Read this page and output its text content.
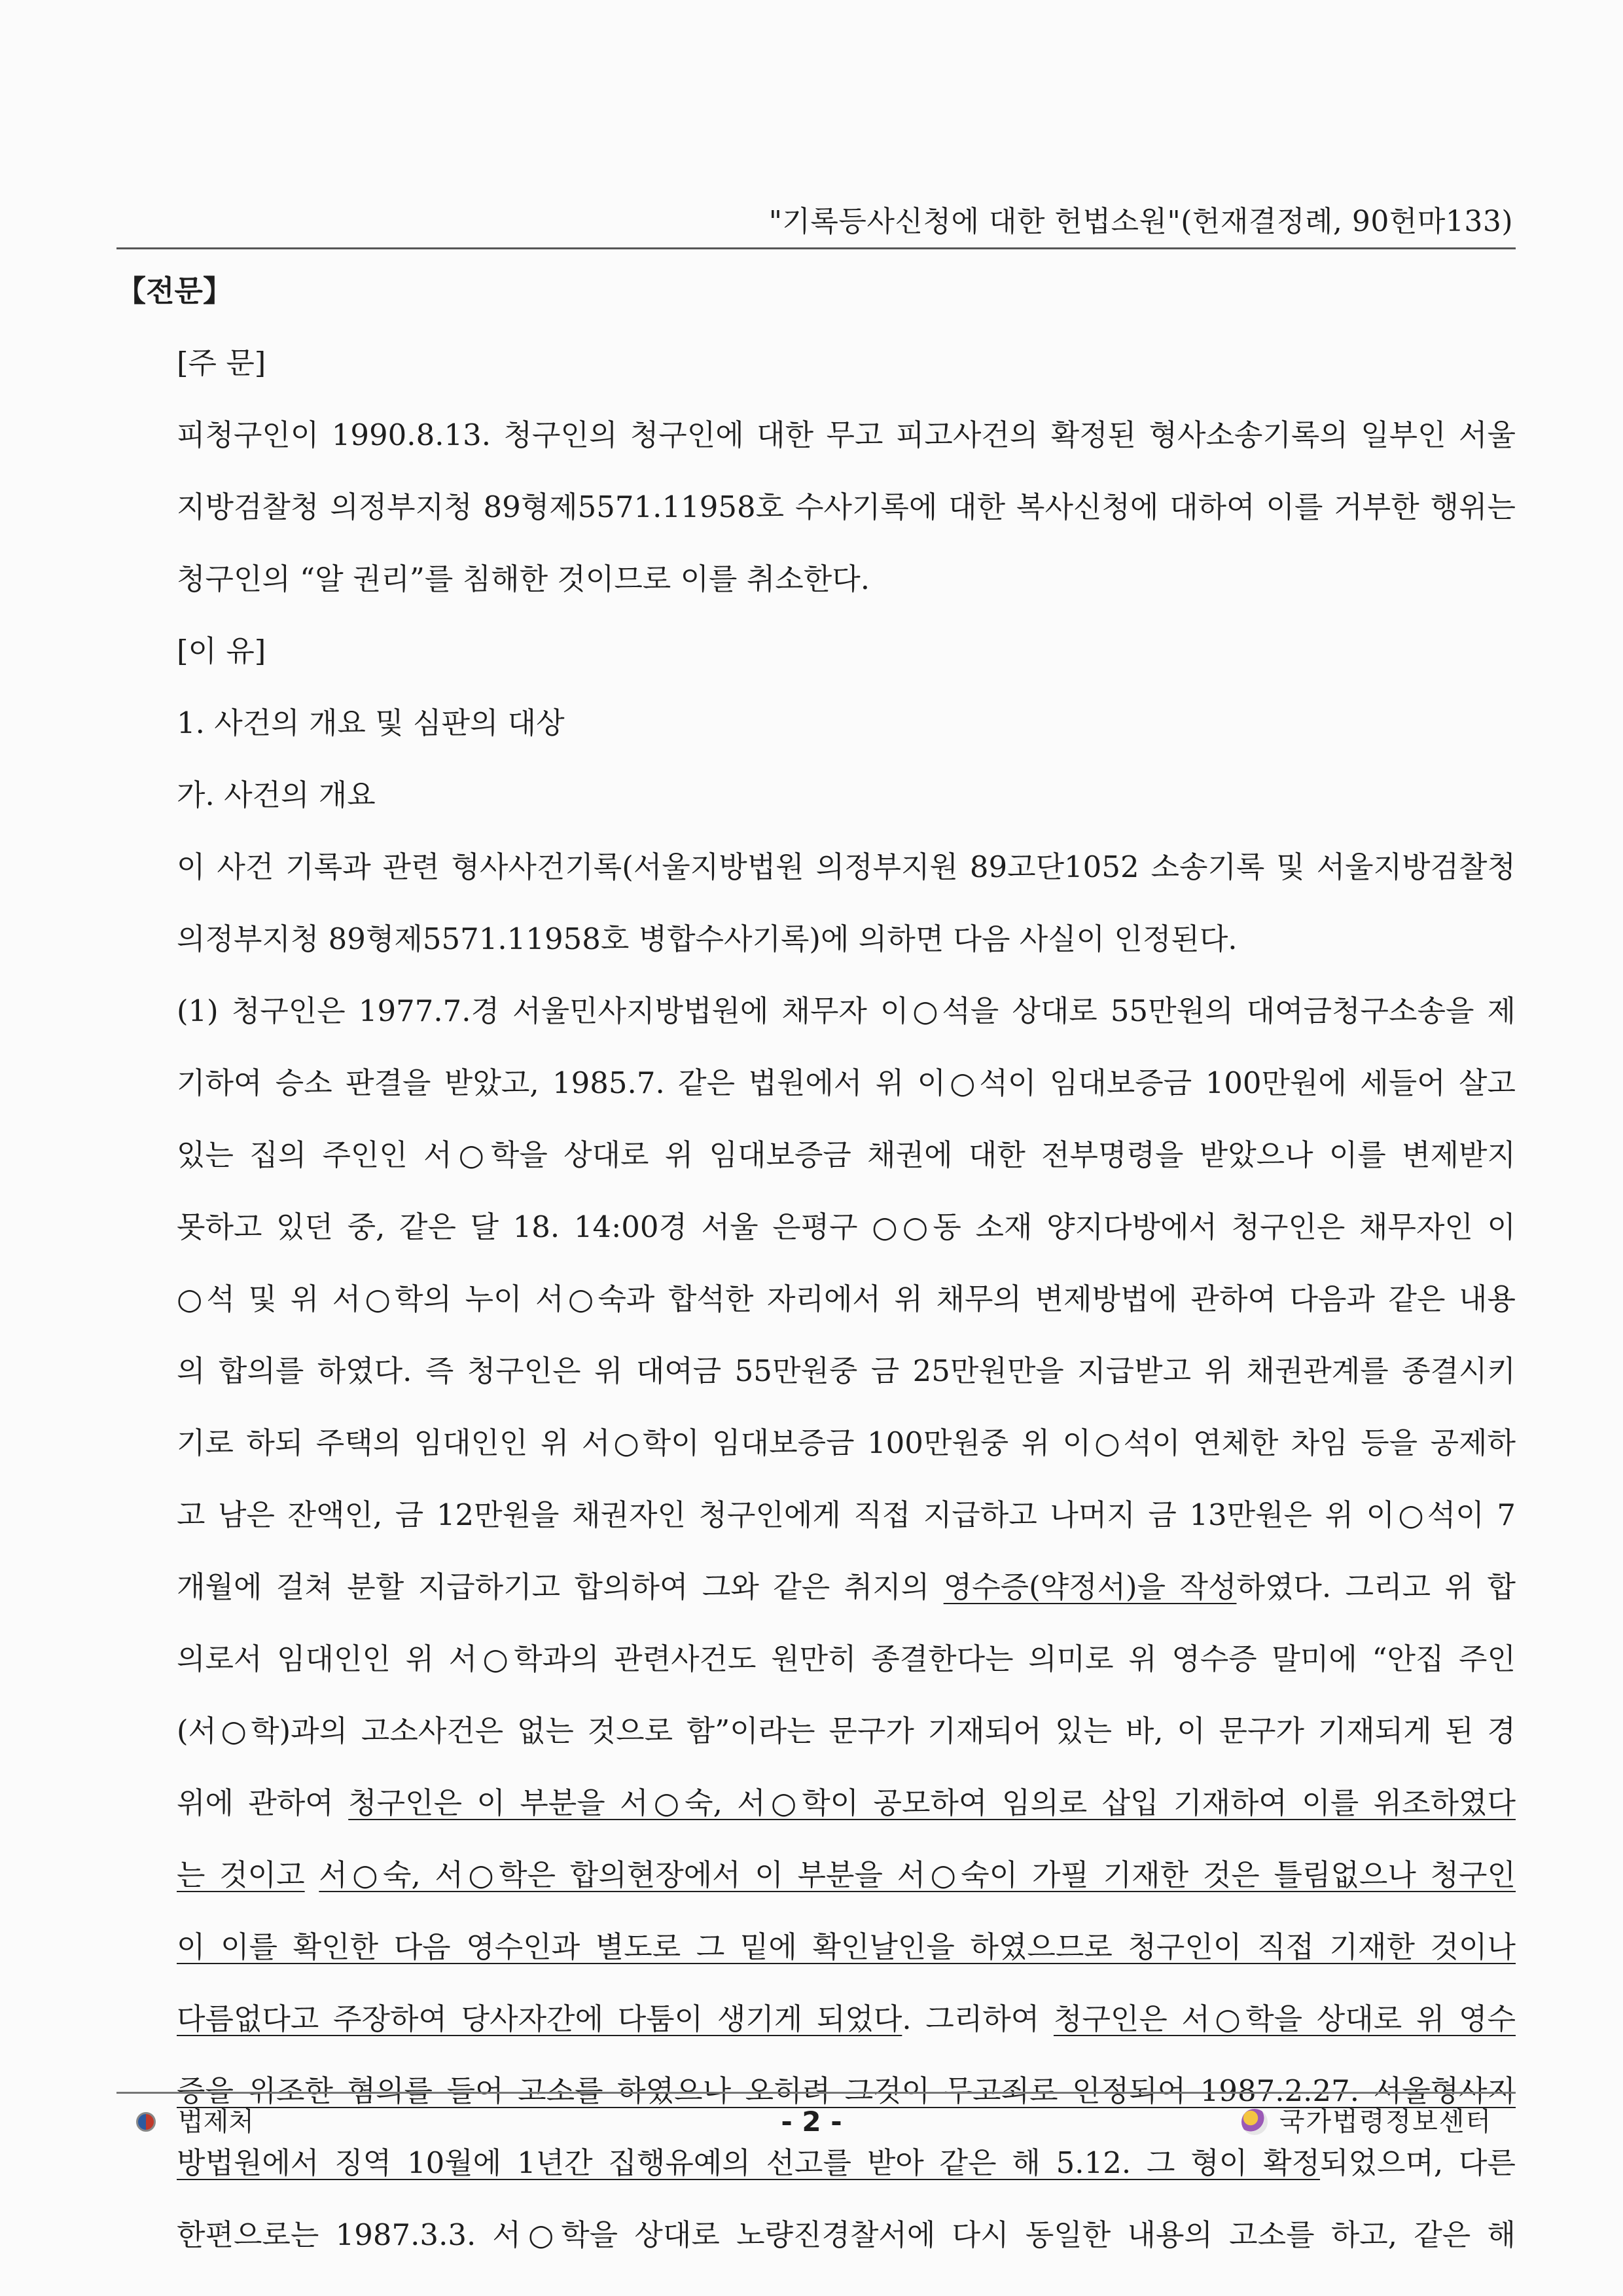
"기록등사신청에 대한 헌법소원"(헌재결정례, 90헌마133)
【전문】
[주 문]
피청구인이 1990.8.13. 청구인의 청구인에 대한 무고 피고사건의 확정된 형사소송기록의 일부인 서울
지방검찰청 의정부지청 89형제5571.11958호 수사기록에 대한 복사신청에 대하여 이를 거부한 행위는
청구인의 “알 권리”를 침해한 것이므로 이를 취소한다.
[이 유]
1. 사건의 개요 및 심판의 대상
가. 사건의 개요
이 사건 기록과 관련 형사사건기록(서울지방법원 의정부지원 89고단1052 소송기록 및 서울지방검찰청
의정부지청 89형제5571.11958호 병합수사기록)에 의하면 다음 사실이 인정된다.
(1) 청구인은 1977.7.경 서울민사지방법원에 채무자 이○석을 상대로 55만원의 대여금청구소송을 제
기하여 승소 판결을 받았고, 1985.7. 같은 법원에서 위 이○석이 임대보증금 100만원에 세들어 살고
있는 집의 주인인 서○학을 상대로 위 임대보증금 채권에 대한 전부명령을 받았으나 이를 변제받지
못하고 있던 중, 같은 달 18. 14:00경 서울 은평구 ○○동 소재 양지다방에서 청구인은 채무자인 이
○석 및 위 서○학의 누이 서○숙과 합석한 자리에서 위 채무의 변제방법에 관하여 다음과 같은 내용
의 합의를 하였다. 즉 청구인은 위 대여금 55만원중 금 25만원만을 지급받고 위 채권관계를 종결시키
기로 하되 주택의 임대인인 위 서○학이 임대보증금 100만원중 위 이○석이 연체한 차임 등을 공제하
고 남은 잔액인, 금 12만원을 채권자인 청구인에게 직접 지급하고 나머지 금 13만원은 위 이○석이 7
개월에 걸쳐 분할 지급하기고 합의하여 그와 같은 취지의 영수증(약정서)을 작성하였다. 그리고 위 합
의로서 임대인인 위 서○학과의 관련사건도 원만히 종결한다는 의미로 위 영수증 말미에 “안집 주인
(서○학)과의 고소사건은 없는 것으로 함”이라는 문구가 기재되어 있는 바, 이 문구가 기재되게 된 경
위에 관하여 청구인은 이 부분을 서○숙, 서○학이 공모하여 임의로 삽입 기재하여 이를 위조하였다
는 것이고 서○숙, 서○학은 합의현장에서 이 부분을 서○숙이 가필 기재한 것은 틀림없으나 청구인
이 이를 확인한 다음 영수인과 별도로 그 밑에 확인날인을 하였으므로 청구인이 직접 기재한 것이나
다름없다고 주장하여 당사자간에 다툼이 생기게 되었다. 그리하여 청구인은 서○학을 상대로 위 영수
증을 위조한 혐의를 들어 고소를 하였으나 오히려 그것이 무고죄로 인정되어 1987.2.27. 서울형사지
방법원에서 징역 10월에 1년간 집행유예의 선고를 받아 같은 해 5.12. 그 형이 확정되었으며, 다른
한편으로는 1987.3.3. 서○학을 상대로 노량진경찰서에 다시 동일한 내용의 고소를 하고, 같은 해
법제처	- 2 -	국가법령정보센터
